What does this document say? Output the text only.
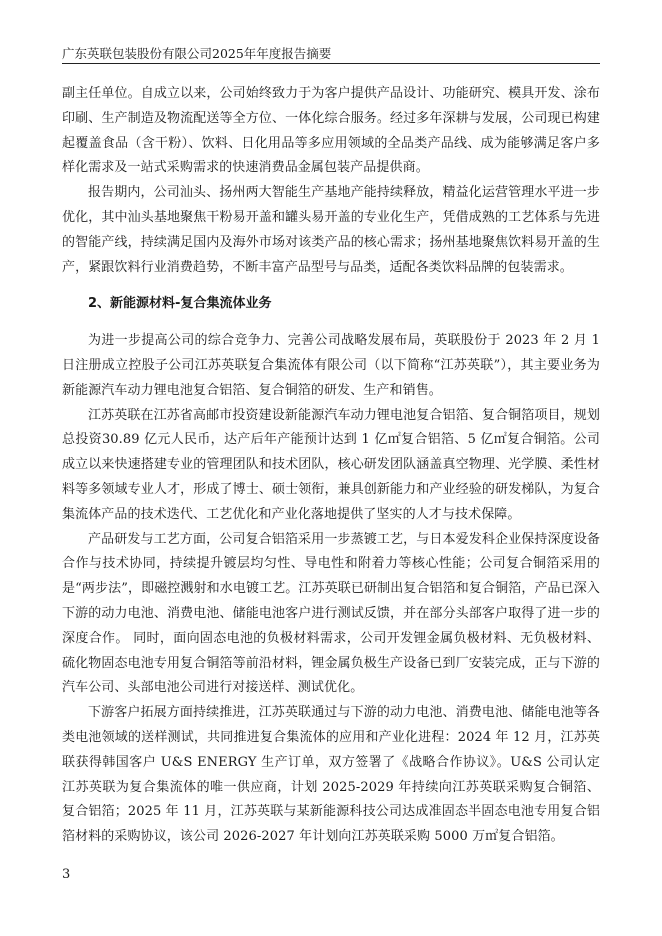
广东英联包装股份有限公司2025年年度报告摘要

副主任单位。自成立以来，公司始终致力于为客户提供产品设计、功能研究、模具开发、涂布印刷、生产制造及物流配送等全方位、一体化综合服务。经过多年深耕与发展，公司现已构建起覆盖食品（含干粉）、饮料、日化用品等多应用领域的全品类产品线、成为能够满足客户多样化需求及一站式采购需求的快速消费品金属包装产品提供商。

报告期内，公司汕头、扬州两大智能生产基地产能持续释放，精益化运营管理水平进一步优化，其中汕头基地聚焦干粉易开盖和罐头易开盖的专业化生产，凭借成熟的工艺体系与先进的智能产线，持续满足国内及海外市场对该类产品的核心需求；扬州基地聚焦饮料易开盖的生产，紧跟饮料行业消费趋势，不断丰富产品型号与品类，适配各类饮料品牌的包装需求。

2、新能源材料-复合集流体业务

为进一步提高公司的综合竞争力、完善公司战略发展布局，英联股份于 2023 年 2 月 1 日注册成立控股子公司江苏英联复合集流体有限公司（以下简称“江苏英联”），其主要业务为新能源汽车动力锂电池复合铝箔、复合铜箔的研发、生产和销售。

江苏英联在江苏省高邮市投资建设新能源汽车动力锂电池复合铝箔、复合铜箔项目，规划总投资30.89 亿元人民币，达产后年产能预计达到 1 亿㎡复合铝箔、5 亿㎡复合铜箔。公司成立以来快速搭建专业的管理团队和技术团队，核心研发团队涵盖真空物理、光学膜、柔性材料等多领域专业人才，形成了博士、硕士领衔，兼具创新能力和产业经验的研发梯队，为复合集流体产品的技术迭代、工艺优化和产业化落地提供了坚实的人才与技术保障。

产品研发与工艺方面，公司复合铝箔采用一步蒸镀工艺，与日本爱发科企业保持深度设备合作与技术协同，持续提升镀层均匀性、导电性和附着力等核心性能；公司复合铜箔采用的是“两步法”，即磁控溅射和水电镀工艺。江苏英联已研制出复合铝箔和复合铜箔，产品已深入下游的动力电池、消费电池、储能电池客户进行测试反馈，并在部分头部客户取得了进一步的深度合作。 同时，面向固态电池的负极材料需求，公司开发锂金属负极材料、无负极材料、硫化物固态电池专用复合铜箔等前沿材料，锂金属负极生产设备已到厂安装完成，正与下游的汽车公司、头部电池公司进行对接送样、测试优化。

下游客户拓展方面持续推进，江苏英联通过与下游的动力电池、消费电池、储能电池等各类电池领域的送样测试，共同推进复合集流体的应用和产业化进程：2024 年 12 月，江苏英联获得韩国客户 U&S ENERGY 生产订单，双方签署了《战略合作协议》。U&S 公司认定江苏英联为复合集流体的唯一供应商，计划 2025-2029 年持续向江苏英联采购复合铜箔、复合铝箔；2025 年 11 月，江苏英联与某新能源科技公司达成准固态半固态电池专用复合铝箔材料的采购协议，该公司 2026-2027 年计划向江苏英联采购 5000 万㎡复合铝箔。

3
